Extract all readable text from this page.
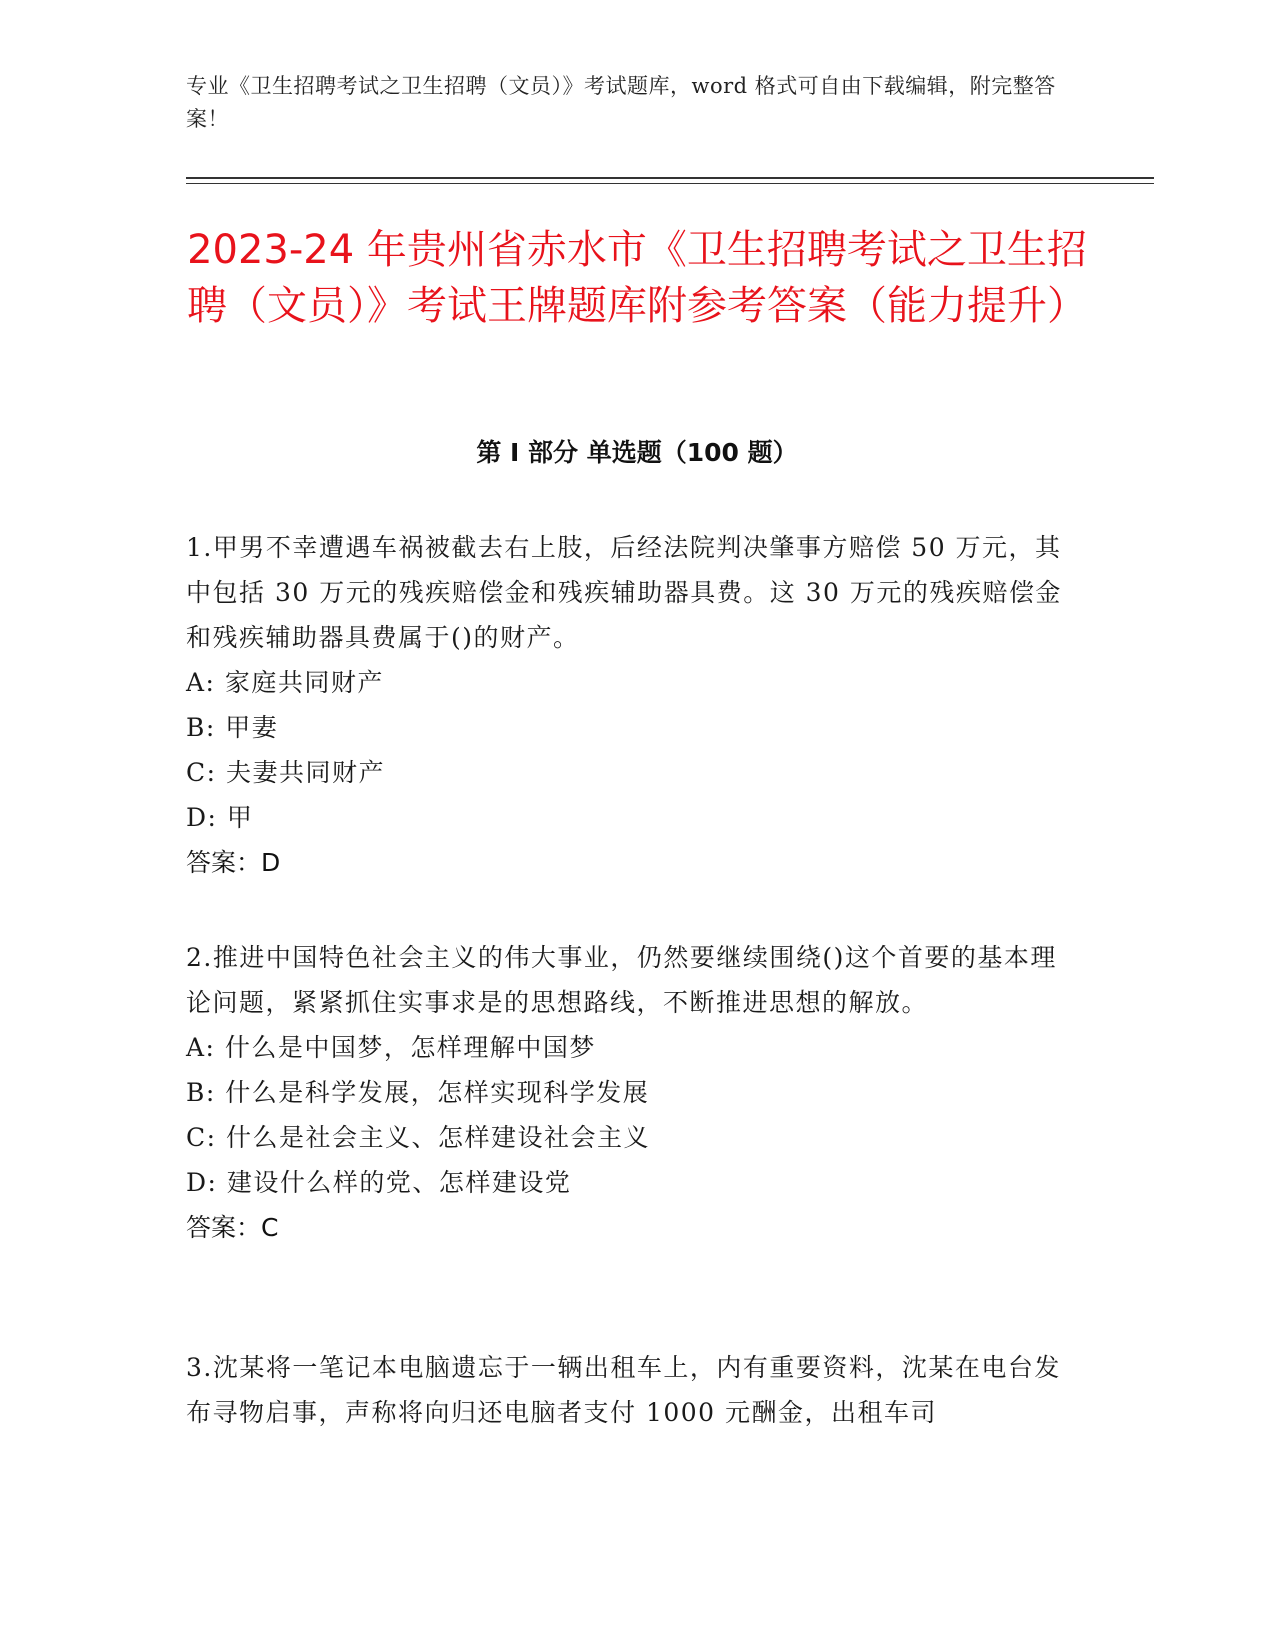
专业《卫生招聘考试之卫生招聘（文员）》考试题库，word 格式可自由下载编辑，附完整答案！
2023-24 年贵州省赤水市《卫生招聘考试之卫生招聘（文员）》考试王牌题库附参考答案（能力提升）
第 I 部分 单选题（100 题）

1.甲男不幸遭遇车祸被截去右上肢，后经法院判决肇事方赔偿 50 万元，其中包括 30 万元的残疾赔偿金和残疾辅助器具费。这 30 万元的残疾赔偿金和残疾辅助器具费属于()的财产。

A: 家庭共同财产

B: 甲妻

C: 夫妻共同财产

D: 甲

答案：D

2.推进中国特色社会主义的伟大事业，仍然要继续围绕()这个首要的基本理论问题，紧紧抓住实事求是的思想路线，不断推进思想的解放。

A: 什么是中国梦，怎样理解中国梦

B: 什么是科学发展，怎样实现科学发展

C: 什么是社会主义、怎样建设社会主义

D: 建设什么样的党、怎样建设党

答案：C

3.沈某将一笔记本电脑遗忘于一辆出租车上，内有重要资料，沈某在电台发布寻物启事，声称将向归还电脑者支付 1000 元酬金，出租车司
